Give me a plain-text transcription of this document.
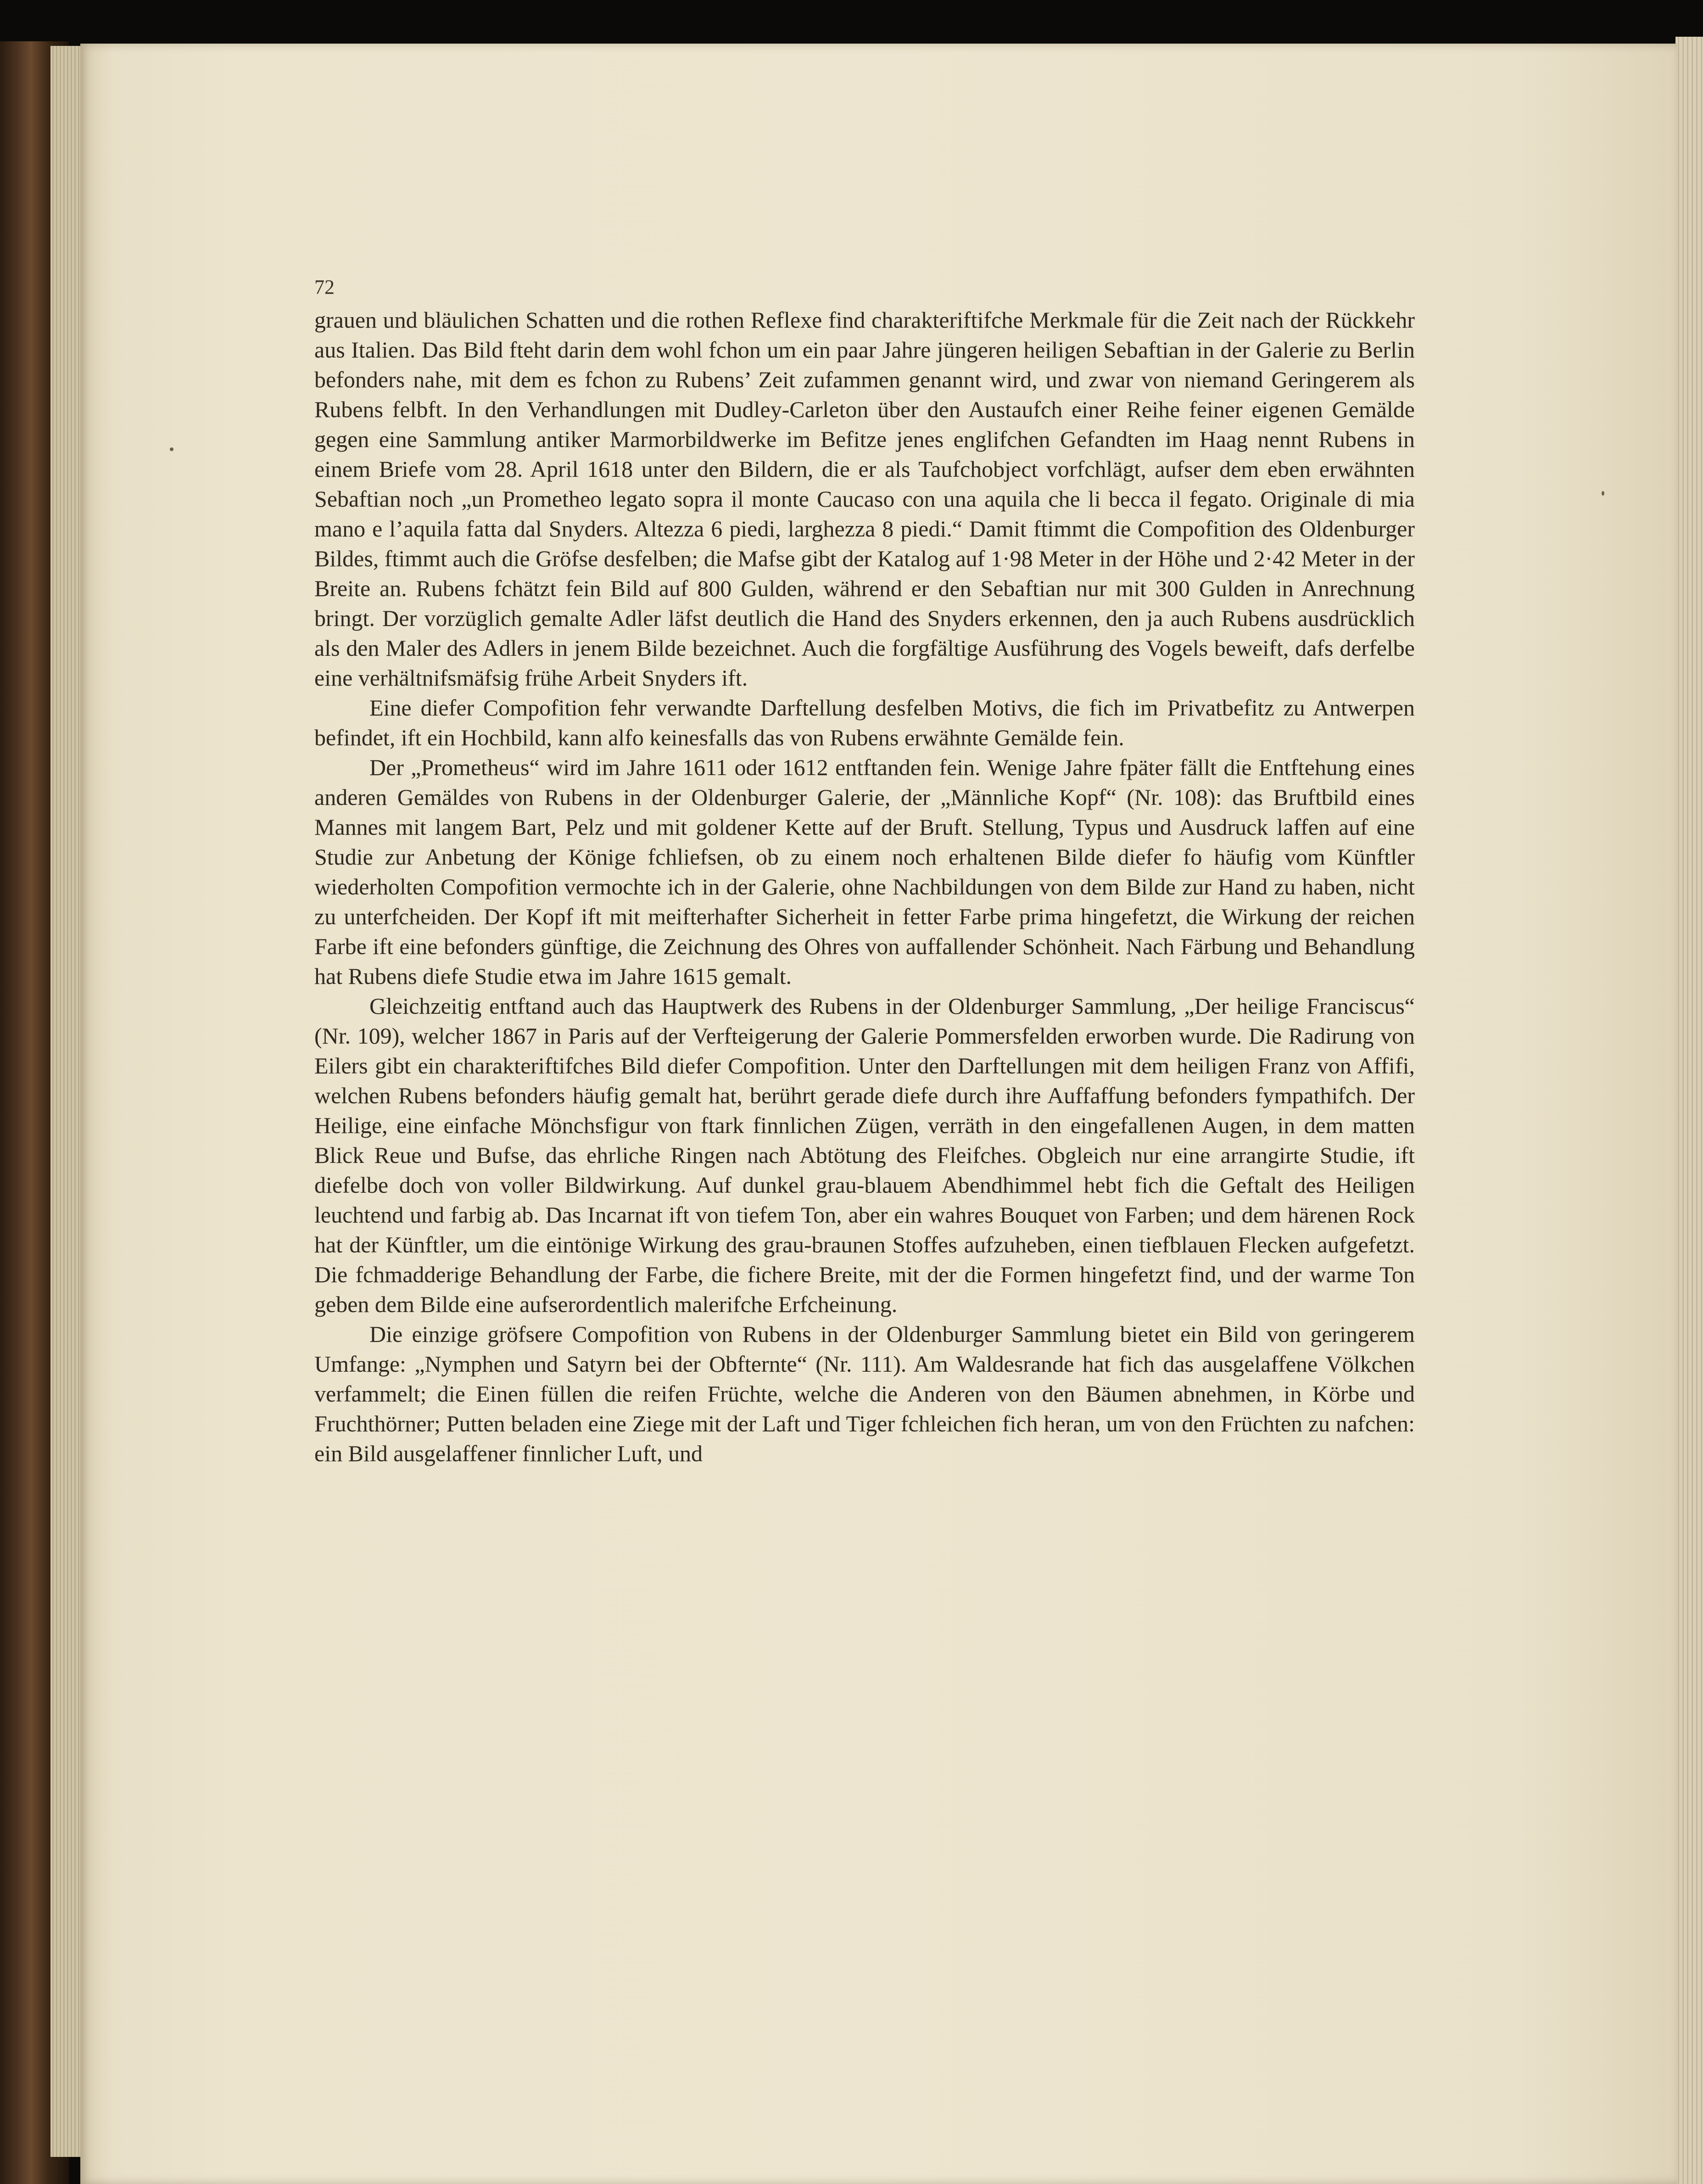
72

grauen und bläulichen Schatten und die rothen Reflexe find charakteriftifche Merkmale für die Zeit nach der Rückkehr aus Italien. Das Bild fteht darin dem wohl fchon um ein paar Jahre jüngeren heiligen Sebaftian in der Galerie zu Berlin befonders nahe, mit dem es fchon zu Rubens’ Zeit zufammen genannt wird, und zwar von niemand Geringerem als Rubens felbft. In den Verhandlungen mit Dudley-Carleton über den Austaufch einer Reihe feiner eigenen Gemälde gegen eine Sammlung antiker Marmorbildwerke im Befitze jenes englifchen Gefandten im Haag nennt Rubens in einem Briefe vom 28. April 1618 unter den Bildern, die er als Taufchobject vorfchlägt, aufser dem eben erwähnten Sebaftian noch „un Prometheo legato sopra il monte Caucaso con una aquila che li becca il fegato. Originale di mia mano e l’aquila fatta dal Snyders. Altezza 6 piedi, larghezza 8 piedi.“ Damit ftimmt die Compofition des Oldenburger Bildes, ftimmt auch die Gröfse desfelben; die Mafse gibt der Katalog auf 1·98 Meter in der Höhe und 2·42 Meter in der Breite an. Rubens fchätzt fein Bild auf 800 Gulden, während er den Sebaftian nur mit 300 Gulden in Anrechnung bringt. Der vorzüglich gemalte Adler läfst deutlich die Hand des Snyders erkennen, den ja auch Rubens ausdrücklich als den Maler des Adlers in jenem Bilde bezeichnet. Auch die forgfältige Ausführung des Vogels beweift, dafs derfelbe eine verhältnifsmäfsig frühe Arbeit Snyders ift.

Eine diefer Compofition fehr verwandte Darftellung desfelben Motivs, die fich im Privatbefitz zu Antwerpen befindet, ift ein Hochbild, kann alfo keinesfalls das von Rubens erwähnte Gemälde fein.

Der „Prometheus“ wird im Jahre 1611 oder 1612 entftanden fein. Wenige Jahre fpäter fällt die Entftehung eines anderen Gemäldes von Rubens in der Oldenburger Galerie, der „Männliche Kopf“ (Nr. 108): das Bruftbild eines Mannes mit langem Bart, Pelz und mit goldener Kette auf der Bruft. Stellung, Typus und Ausdruck laffen auf eine Studie zur Anbetung der Könige fchliefsen, ob zu einem noch erhaltenen Bilde diefer fo häufig vom Künftler wiederholten Compofition vermochte ich in der Galerie, ohne Nachbildungen von dem Bilde zur Hand zu haben, nicht zu unterfcheiden. Der Kopf ift mit meifterhafter Sicherheit in fetter Farbe prima hingefetzt, die Wirkung der reichen Farbe ift eine befonders günftige, die Zeichnung des Ohres von auffallender Schönheit. Nach Färbung und Behandlung hat Rubens diefe Studie etwa im Jahre 1615 gemalt.

Gleichzeitig entftand auch das Hauptwerk des Rubens in der Oldenburger Sammlung, „Der heilige Franciscus“ (Nr. 109), welcher 1867 in Paris auf der Verfteigerung der Galerie Pommersfelden erworben wurde. Die Radirung von Eilers gibt ein charakteriftifches Bild diefer Compofition. Unter den Darftellungen mit dem heiligen Franz von Affifi, welchen Rubens befonders häufig gemalt hat, berührt gerade diefe durch ihre Auffaffung befonders fympathifch. Der Heilige, eine einfache Mönchsfigur von ftark finnlichen Zügen, verräth in den eingefallenen Augen, in dem matten Blick Reue und Bufse, das ehrliche Ringen nach Abtötung des Fleifches. Obgleich nur eine arrangirte Studie, ift diefelbe doch von voller Bildwirkung. Auf dunkel grau-blauem Abendhimmel hebt fich die Geftalt des Heiligen leuchtend und farbig ab. Das Incarnat ift von tiefem Ton, aber ein wahres Bouquet von Farben; und dem härenen Rock hat der Künftler, um die eintönige Wirkung des grau-braunen Stoffes aufzuheben, einen tiefblauen Flecken aufgefetzt. Die fchmadderige Behandlung der Farbe, die fichere Breite, mit der die Formen hingefetzt find, und der warme Ton geben dem Bilde eine aufserordentlich malerifche Erfcheinung.

Die einzige gröfsere Compofition von Rubens in der Oldenburger Sammlung bietet ein Bild von geringerem Umfange: „Nymphen und Satyrn bei der Obfternte“ (Nr. 111). Am Waldesrande hat fich das ausgelaffene Völkchen verfammelt; die Einen füllen die reifen Früchte, welche die Anderen von den Bäumen abnehmen, in Körbe und Fruchthörner; Putten beladen eine Ziege mit der Laft und Tiger fchleichen fich heran, um von den Früchten zu nafchen: ein Bild ausgelaffener finnlicher Luft, und
